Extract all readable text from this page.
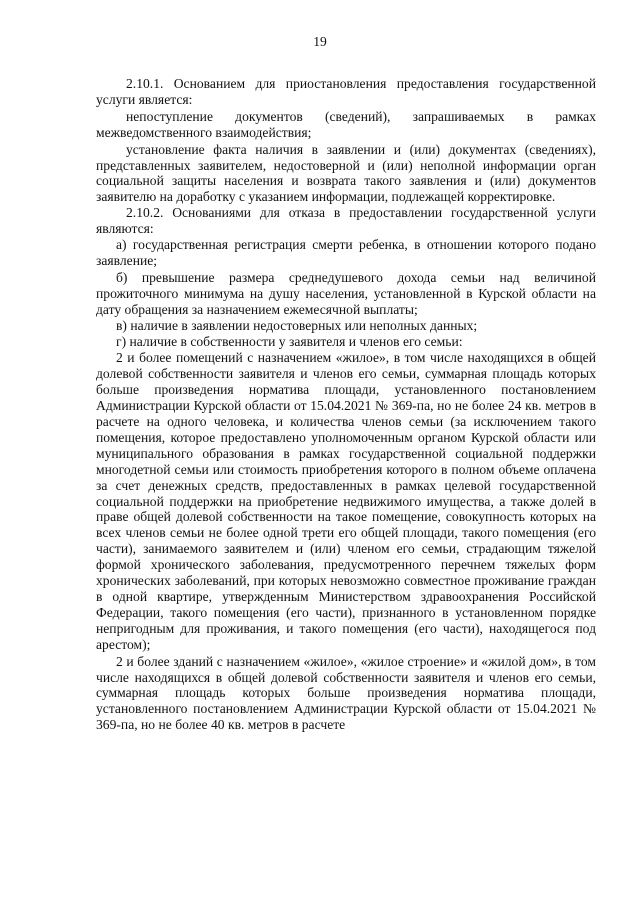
19

2.10.1. Основанием для приостановления предоставления государственной услуги является:

непоступление документов (сведений), запрашиваемых в рамках межведомственного взаимодействия;

установление факта наличия в заявлении и (или) документах (сведениях), представленных заявителем, недостоверной и (или) неполной информации орган социальной защиты населения и возврата такого заявления и (или) документов заявителю на доработку с указанием информации, подлежащей корректировке.

2.10.2. Основаниями для отказа в предоставлении государственной услуги являются:

а) государственная регистрация смерти ребенка, в отношении которого подано заявление;

б) превышение размера среднедушевого дохода семьи над величиной прожиточного минимума на душу населения, установленной в Курской области на дату обращения за назначением ежемесячной выплаты;

в) наличие в заявлении недостоверных или неполных данных;

г) наличие в собственности у заявителя и членов его семьи:

2 и более помещений с назначением «жилое», в том числе находящихся в общей долевой собственности заявителя и членов его семьи, суммарная площадь которых больше произведения норматива площади, установленного постановлением Администрации Курской области от 15.04.2021 № 369-па, но не более 24 кв. метров в расчете на одного человека, и количества членов семьи (за исключением такого помещения, которое предоставлено уполномоченным органом Курской области или муниципального образования в рамках государственной социальной поддержки многодетной семьи или стоимость приобретения которого в полном объеме оплачена за счет денежных средств, предоставленных в рамках целевой государственной социальной поддержки на приобретение недвижимого имущества, а также долей в праве общей долевой собственности на такое помещение, совокупность которых на всех членов семьи не более одной трети его общей площади, такого помещения (его части), занимаемого заявителем и (или) членом его семьи, страдающим тяжелой формой хронического заболевания, предусмотренного перечнем тяжелых форм хронических заболеваний, при которых невозможно совместное проживание граждан в одной квартире, утвержденным Министерством здравоохранения Российской Федерации, такого помещения (его части), признанного в установленном порядке непригодным для проживания, и такого помещения (его части), находящегося под арестом);

2 и более зданий с назначением «жилое», «жилое строение» и «жилой дом», в том числе находящихся в общей долевой собственности заявителя и членов его семьи, суммарная площадь которых больше произведения норматива площади, установленного постановлением Администрации Курской области от 15.04.2021 № 369-па, но не более 40 кв. метров в расчете
